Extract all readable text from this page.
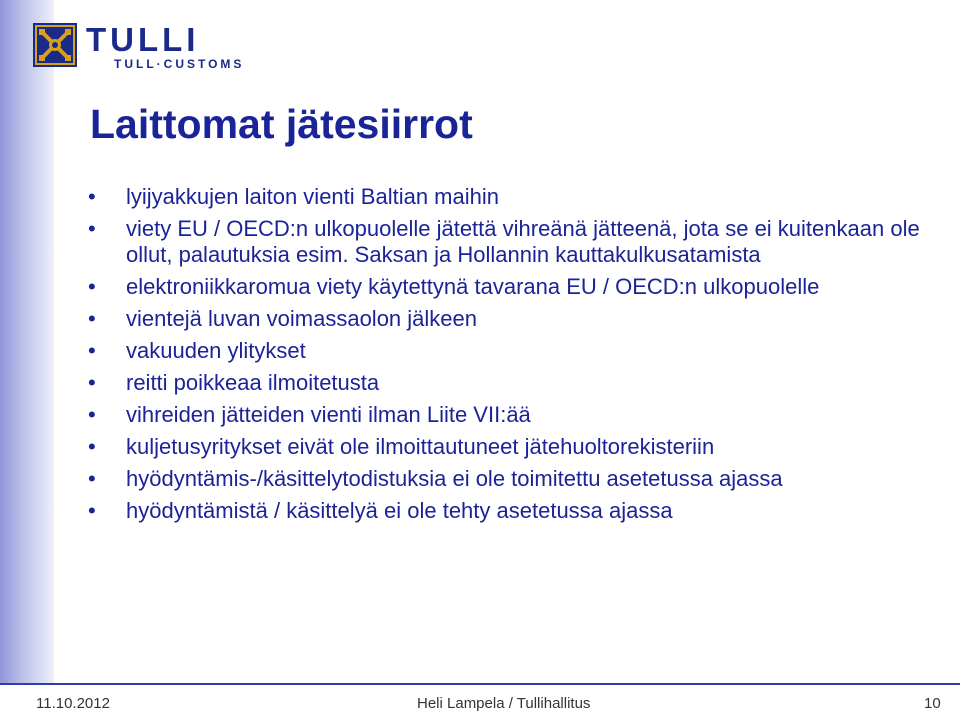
TULLI
TULL·CUSTOMS
Laittomat jätesiirrot
• lyijyakkujen laiton vienti Baltian maihin
• viety EU / OECD:n ulkopuolelle jätettä vihreänä jätteenä, jota se ei kuitenkaan ole ollut, palautuksia esim. Saksan ja Hollannin kauttakulkusatamista
• elektroniikkaromua viety käytettynä tavarana EU / OECD:n ulkopuolelle
• vientejä luvan voimassaolon jälkeen
• vakuuden ylitykset
• reitti poikkeaa ilmoitetusta
• vihreiden jätteiden vienti ilman Liite VII:ää
• kuljetusyritykset eivät ole ilmoittautuneet jätehuoltorekisteriin
• hyödyntämis-/käsittelytodistuksia ei ole toimitettu asetetussa ajassa
• hyödyntämistä / käsittelyä ei ole tehty asetetussa ajassa
11.10.2012	Heli Lampela / Tullihallitus	10
